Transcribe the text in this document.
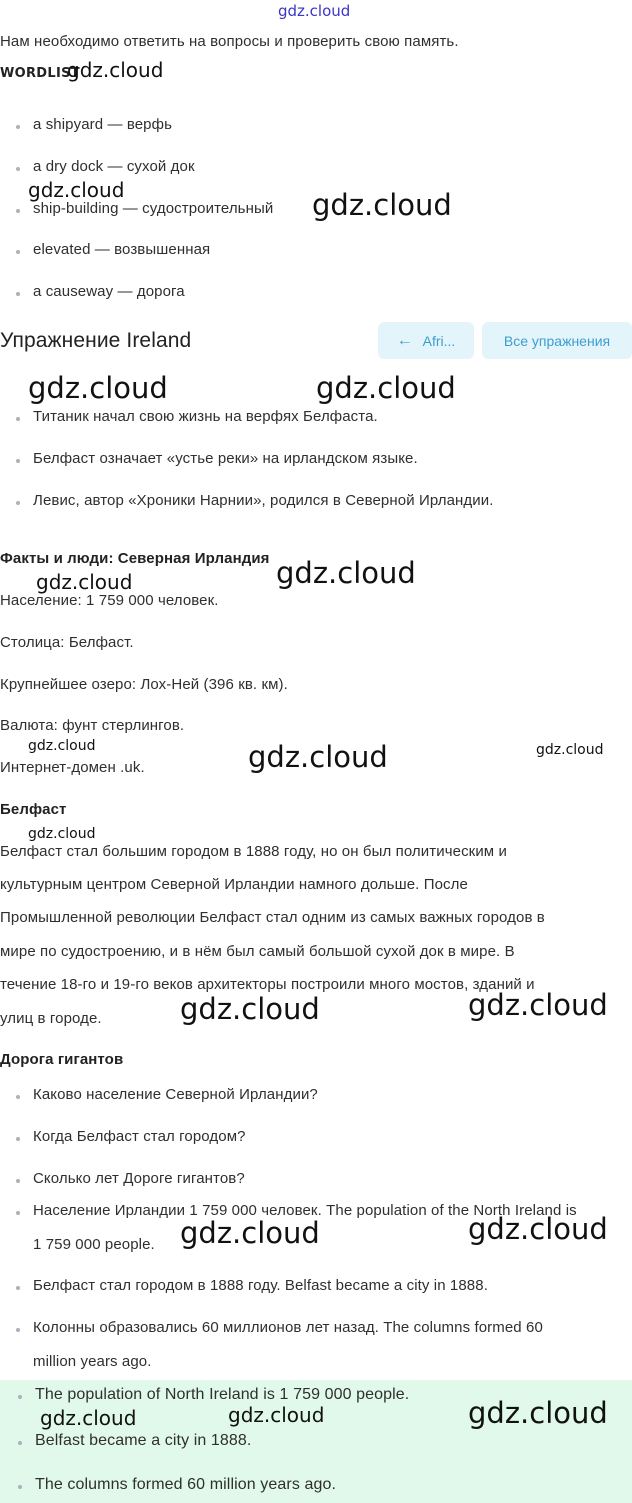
gdz.cloud
Нам необходимо ответить на вопросы и проверить свою память.
WORDLIST
a shipyard — верфь
a dry dock — сухой док
ship-building — судостроительный
elevated — возвышенная
a causeway — дорога
Упражнение Ireland	← Afri...	Все упражнения
Титаник начал свою жизнь на верфях Белфаста.
Белфаст означает «устье реки» на ирландском языке.
Левис, автор «Хроники Нарнии», родился в Северной Ирландии.
Факты и люди: Северная Ирландия
Население: 1 759 000 человек.
Столица: Белфаст.
Крупнейшее озеро: Лох-Ней (396 кв. км).
Валюта: фунт стерлингов.
Интернет-домен .uk.
Белфаст
Белфаст стал большим городом в 1888 году, но он был политическим и
культурным центром Северной Ирландии намного дольше. После
Промышленной революции Белфаст стал одним из самых важных городов в
мире по судостроению, и в нём был самый большой сухой док в мире. В
течение 18-го и 19-го веков архитекторы построили много мостов, зданий и
улиц в городе.
Дорога гигантов
Каково население Северной Ирландии?
Когда Белфаст стал городом?
Сколько лет Дороге гигантов?
Население Ирландии 1 759 000 человек. The population of the North Ireland is
1 759 000 people.
Белфаст стал городом в 1888 году. Belfast became a city in 1888.
Колонны образовались 60 миллионов лет назад. The columns formed 60
million years ago.
The population of North Ireland is 1 759 000 people.
Belfast became a city in 1888.
The columns formed 60 million years ago.
gdz.cloud
gdz.cloud	gdz.cloud
gdz.cloud	gdz.cloud
gdz.cloud
gdz.cloud
gdz.cloud	gdz.cloud	gdz.cloud
gdz.cloud
gdz.cloud	gdz.cloud
gdz.cloud	gdz.cloud
gdz.cloud	gdz.cloud	gdz.cloud
